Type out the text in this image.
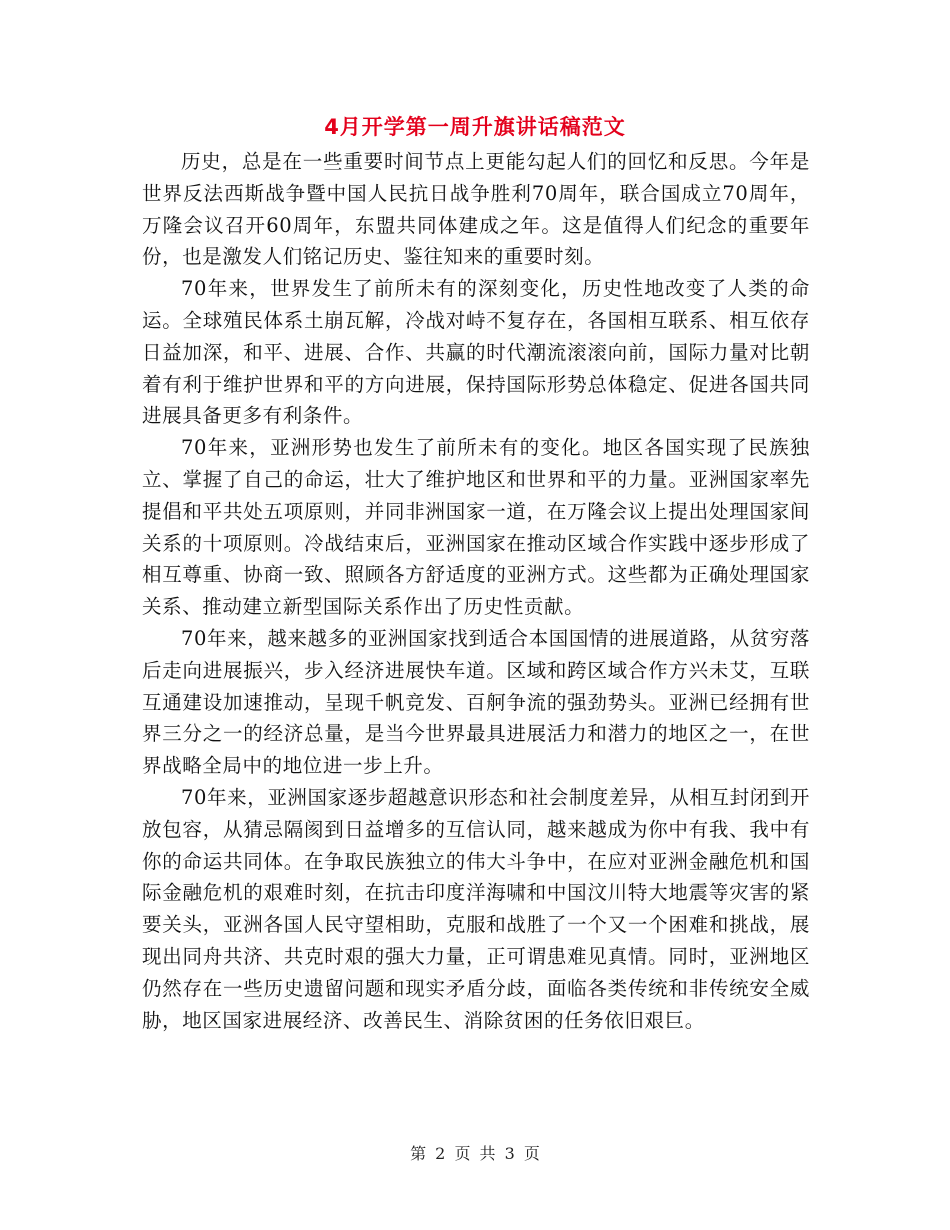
4月开学第一周升旗讲话稿范文

历史，总是在一些重要时间节点上更能勾起人们的回忆和反思。今年是世界反法西斯战争暨中国人民抗日战争胜利70周年，联合国成立70周年，万隆会议召开60周年，东盟共同体建成之年。这是值得人们纪念的重要年份，也是激发人们铭记历史、鉴往知来的重要时刻。

70年来，世界发生了前所未有的深刻变化，历史性地改变了人类的命运。全球殖民体系土崩瓦解，冷战对峙不复存在，各国相互联系、相互依存日益加深，和平、进展、合作、共赢的时代潮流滚滚向前，国际力量对比朝着有利于维护世界和平的方向进展，保持国际形势总体稳定、促进各国共同进展具备更多有利条件。

70年来，亚洲形势也发生了前所未有的变化。地区各国实现了民族独立、掌握了自己的命运，壮大了维护地区和世界和平的力量。亚洲国家率先提倡和平共处五项原则，并同非洲国家一道，在万隆会议上提出处理国家间关系的十项原则。冷战结束后，亚洲国家在推动区域合作实践中逐步形成了相互尊重、协商一致、照顾各方舒适度的亚洲方式。这些都为正确处理国家关系、推动建立新型国际关系作出了历史性贡献。

70年来，越来越多的亚洲国家找到适合本国国情的进展道路，从贫穷落后走向进展振兴，步入经济进展快车道。区域和跨区域合作方兴未艾，互联互通建设加速推动，呈现千帆竞发、百舸争流的强劲势头。亚洲已经拥有世界三分之一的经济总量，是当今世界最具进展活力和潜力的地区之一，在世界战略全局中的地位进一步上升。

70年来，亚洲国家逐步超越意识形态和社会制度差异，从相互封闭到开放包容，从猜忌隔阂到日益增多的互信认同，越来越成为你中有我、我中有你的命运共同体。在争取民族独立的伟大斗争中，在应对亚洲金融危机和国际金融危机的艰难时刻，在抗击印度洋海啸和中国汶川特大地震等灾害的紧要关头，亚洲各国人民守望相助，克服和战胜了一个又一个困难和挑战，展现出同舟共济、共克时艰的强大力量，正可谓患难见真情。同时，亚洲地区仍然存在一些历史遗留问题和现实矛盾分歧，面临各类传统和非传统安全威胁，地区国家进展经济、改善民生、消除贫困的任务依旧艰巨。

第 2 页 共 3 页
